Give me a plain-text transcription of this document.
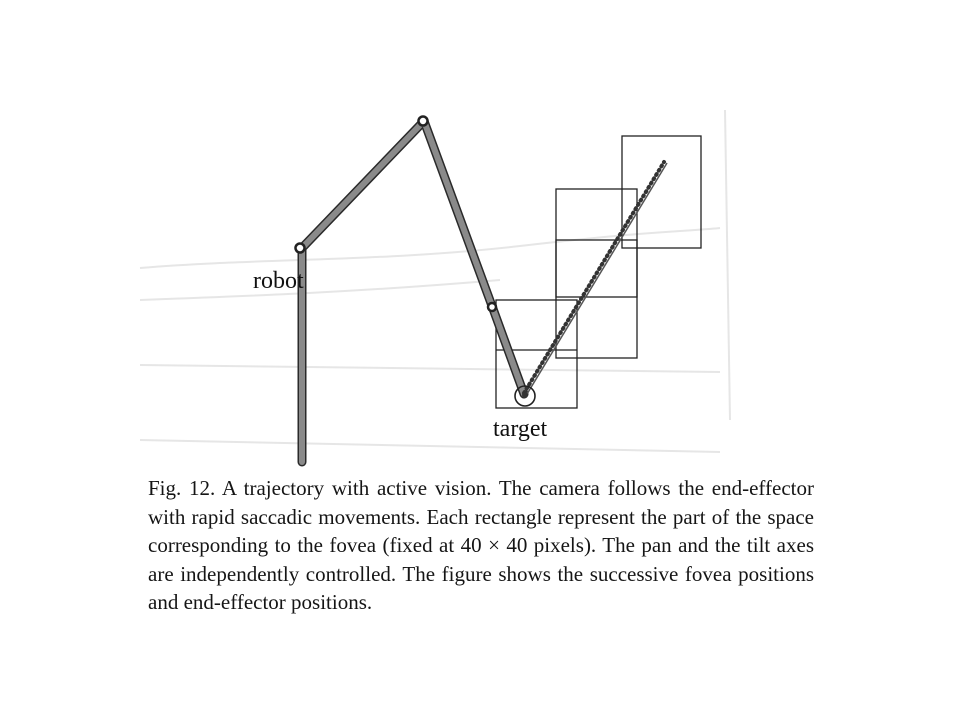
robot
target

Fig. 12. A trajectory with active vision. The camera follows the end-effector with rapid saccadic movements. Each rectangle represent the part of the space corresponding to the fovea (fixed at 40 × 40 pixels). The pan and the tilt axes are independently controlled. The figure shows the successive fovea positions and end-effector positions.
